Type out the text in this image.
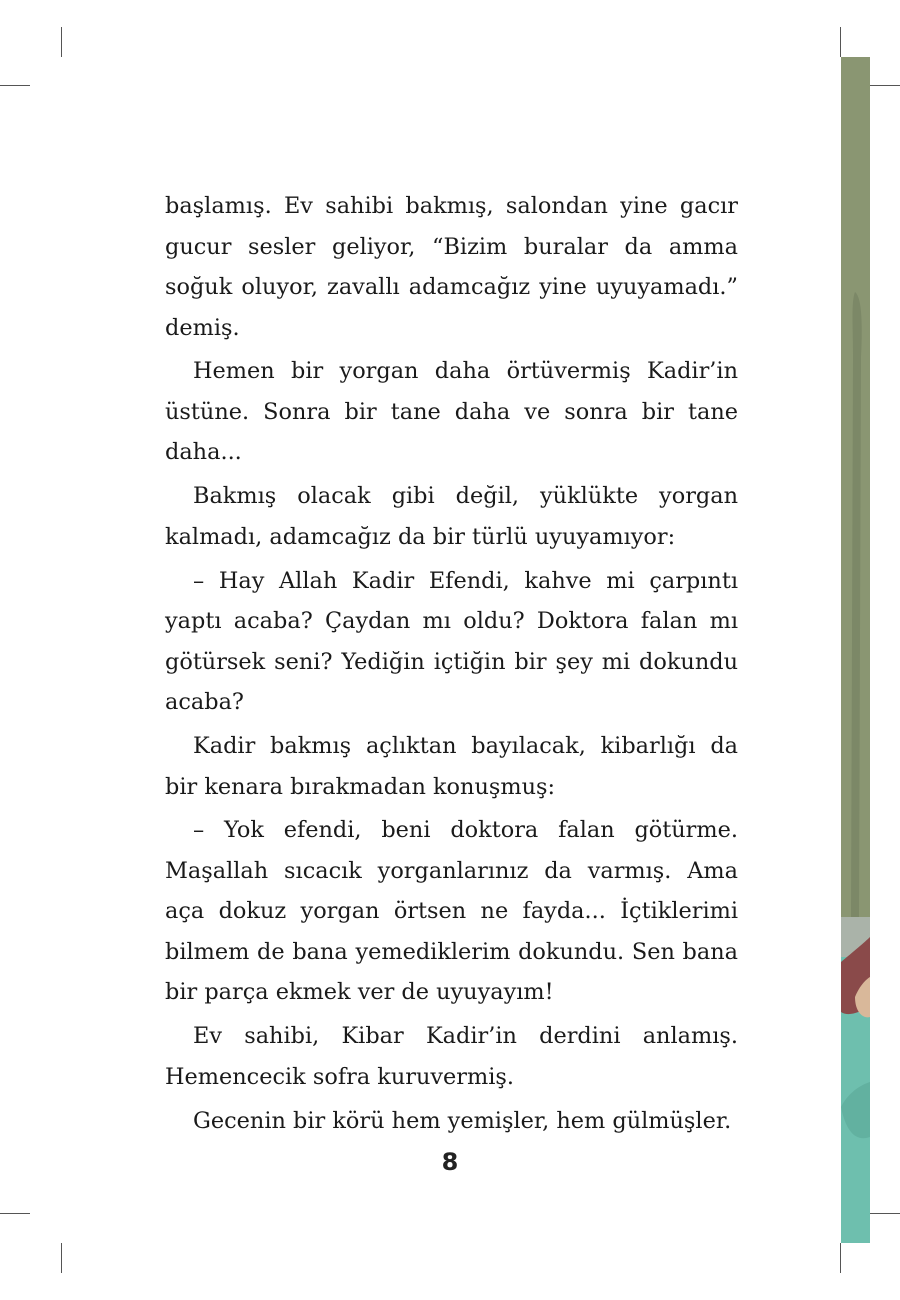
başlamış. Ev sahibi bakmış, salondan yine gacır gucur sesler geliyor, “Bizim buralar da amma soğuk oluyor, zavallı adamcağız yine uyuyamadı.” demiş.

Hemen bir yorgan daha örtüvermiş Kadir’in üstüne. Sonra bir tane daha ve sonra bir tane daha...

Bakmış olacak gibi değil, yüklükte yorgan kalmadı, adamcağız da bir türlü uyuyamıyor:

– Hay Allah Kadir Efendi, kahve mi çarpıntı yaptı acaba? Çaydan mı oldu? Doktora falan mı götürsek seni? Yediğin içtiğin bir şey mi dokundu acaba?

Kadir bakmış açlıktan bayılacak, kibarlığı da bir kenara bırakmadan konuşmuş:

– Yok efendi, beni doktora falan götürme. Maşallah sıcacık yorganlarınız da varmış. Ama aça dokuz yorgan örtsen ne fayda... İçtiklerimi bilmem de bana yemediklerim dokundu. Sen bana bir parça ekmek ver de uyuyayım!

Ev sahibi, Kibar Kadir’in derdini anlamış. Hemencecik sofra kuruvermiş.

Gecenin bir körü hem yemişler, hem gülmüşler.

8
